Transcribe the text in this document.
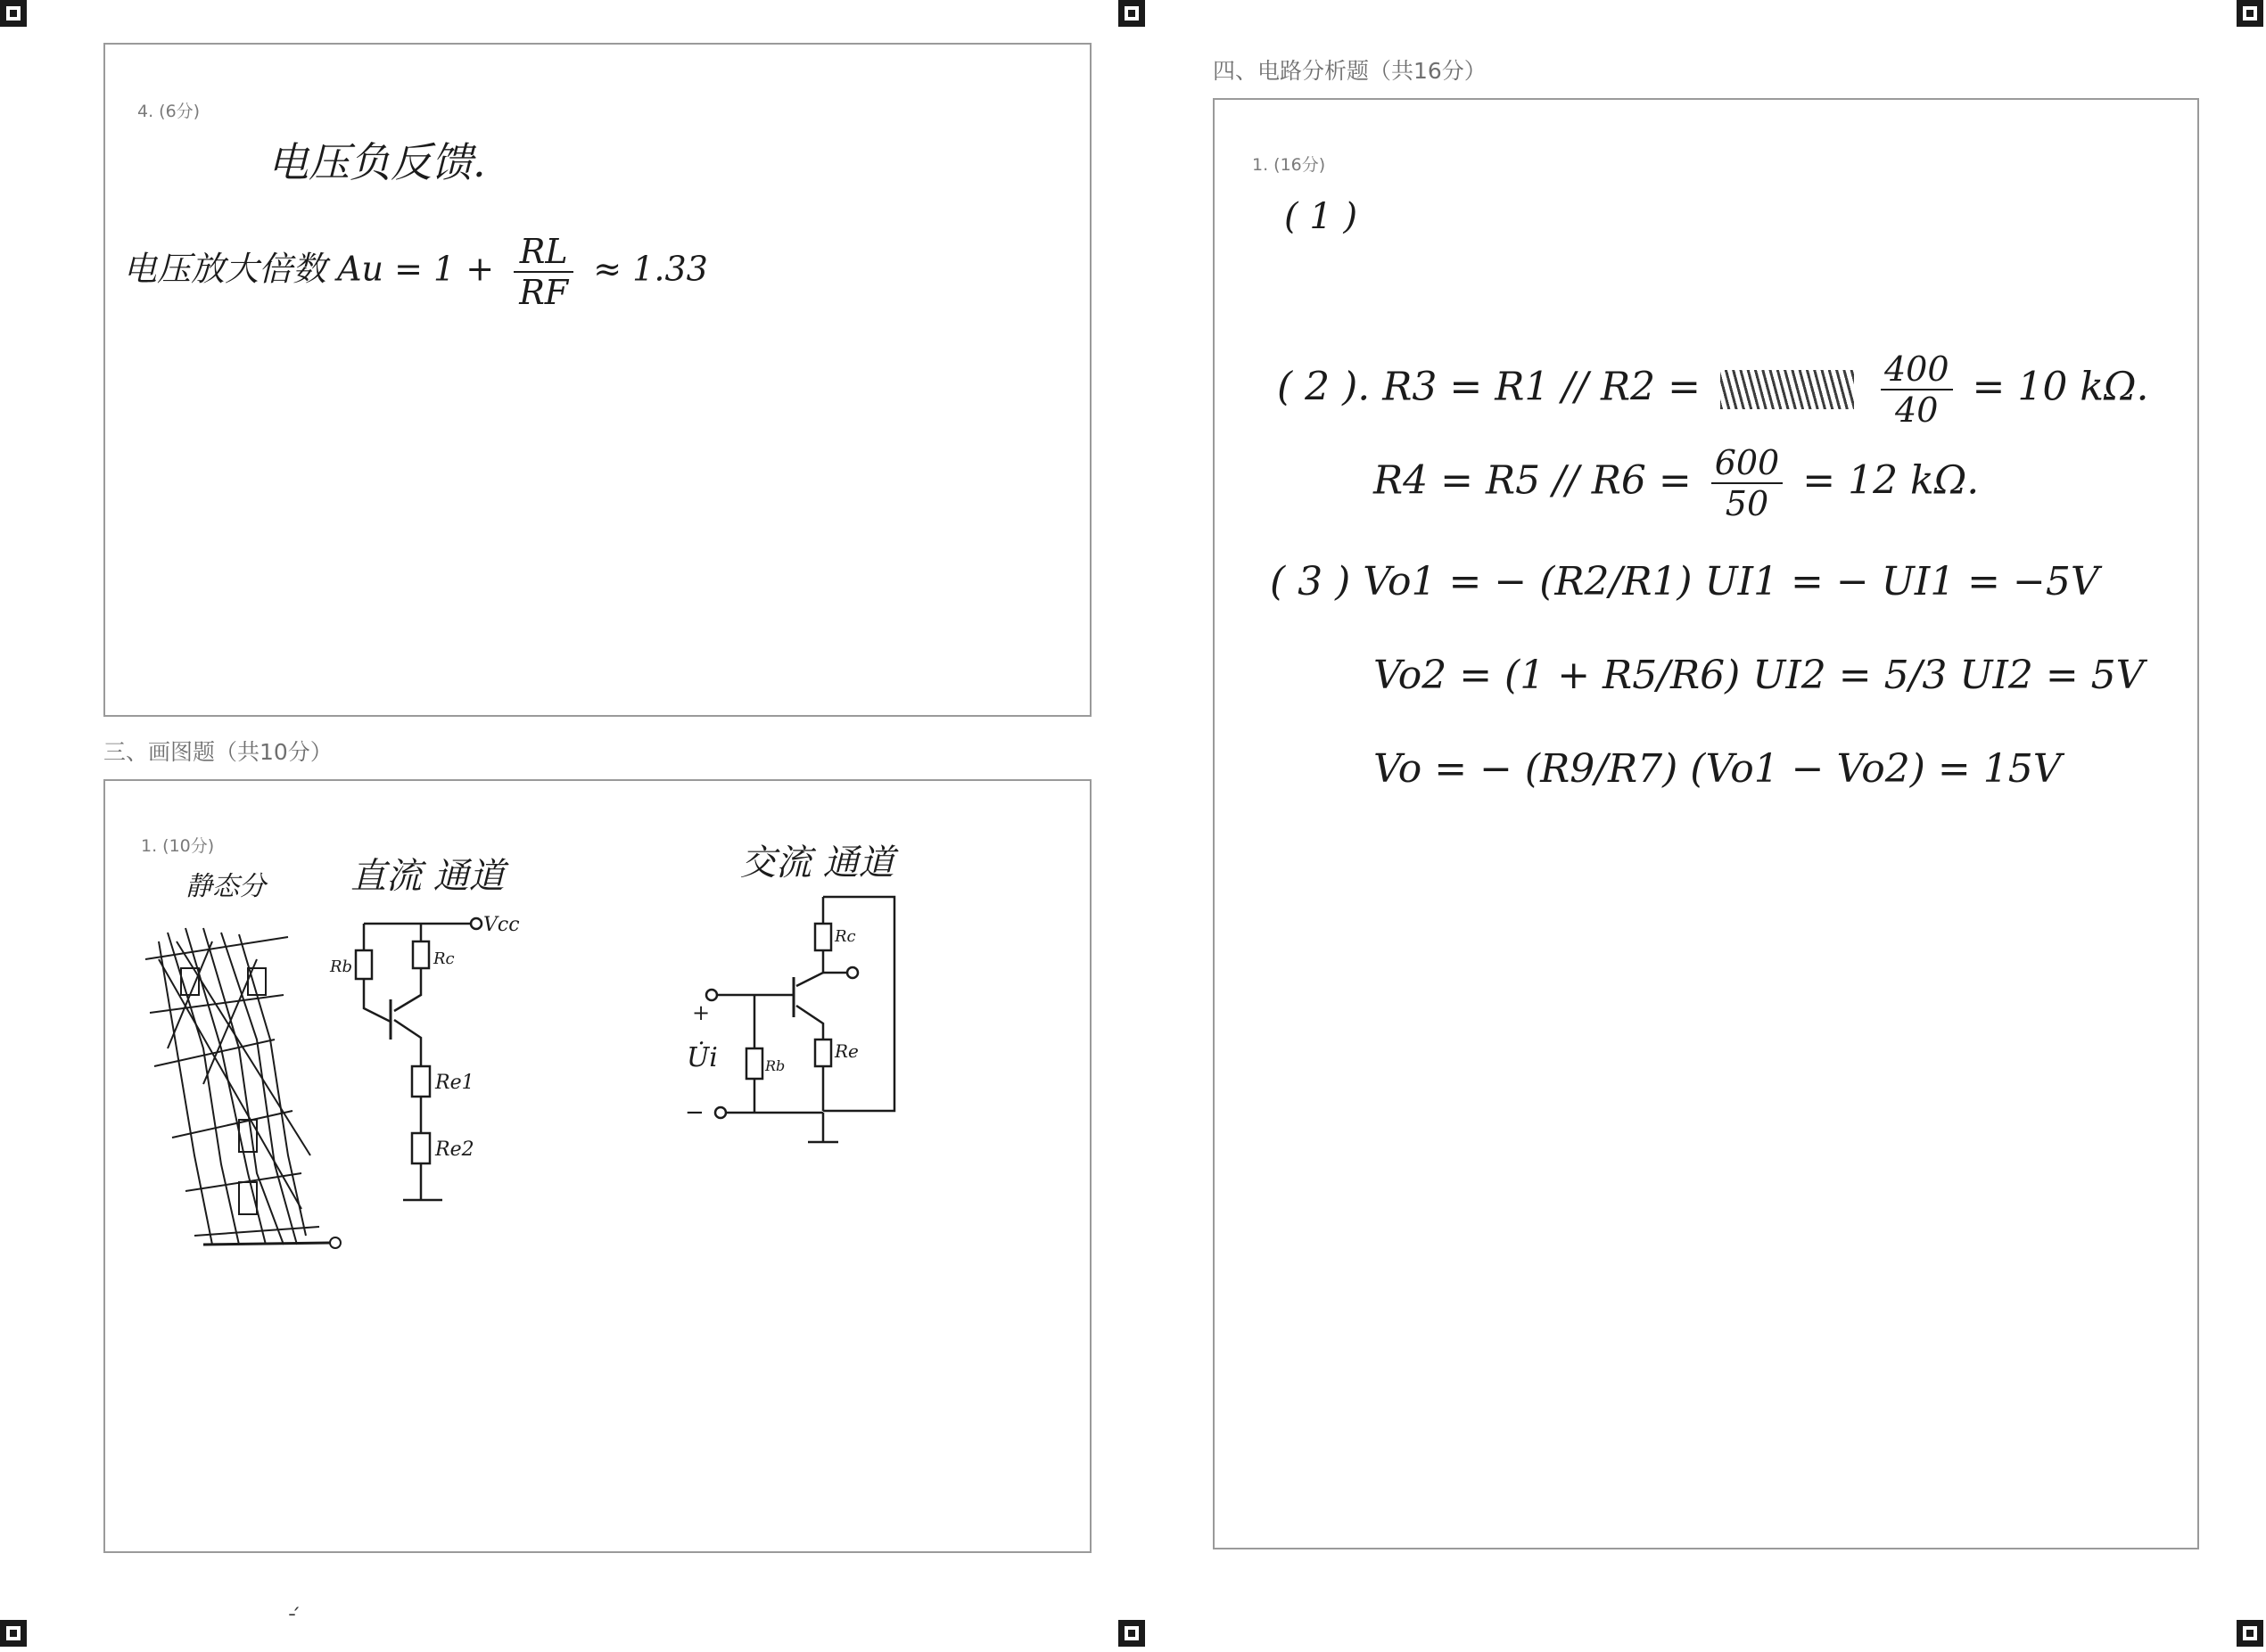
4. (6分)
电压负反馈.
电压放大倍数 $Au = 1 + \frac{RL}{RF} \approx 1.33$
三、画图题（共10分）
1. (10分)
静态分 直流 通道
Vcc
Rb	Rc
Re1
Re2
交流 通道
Rc
Re
Rb
+
U̇i
−
ˏ
ˉ
四、电路分析题（共16分）
1. (16分)
( 1 )
( 2 ). R3 = R1 // R2 =	$\frac{400}{40} = 10$ kΩ.
$R4 = R5 // R6 = \frac{600}{50} = 12$ kΩ.
( 3 ) Vo1 = − (R2/R1) UI1 = − UI1 = −5V
Vo2 = (1 + R5/R6) UI2 = 5/3 UI2 = 5V
Vo = − (R9/R7) (Vo1 − Vo2) = 15V
